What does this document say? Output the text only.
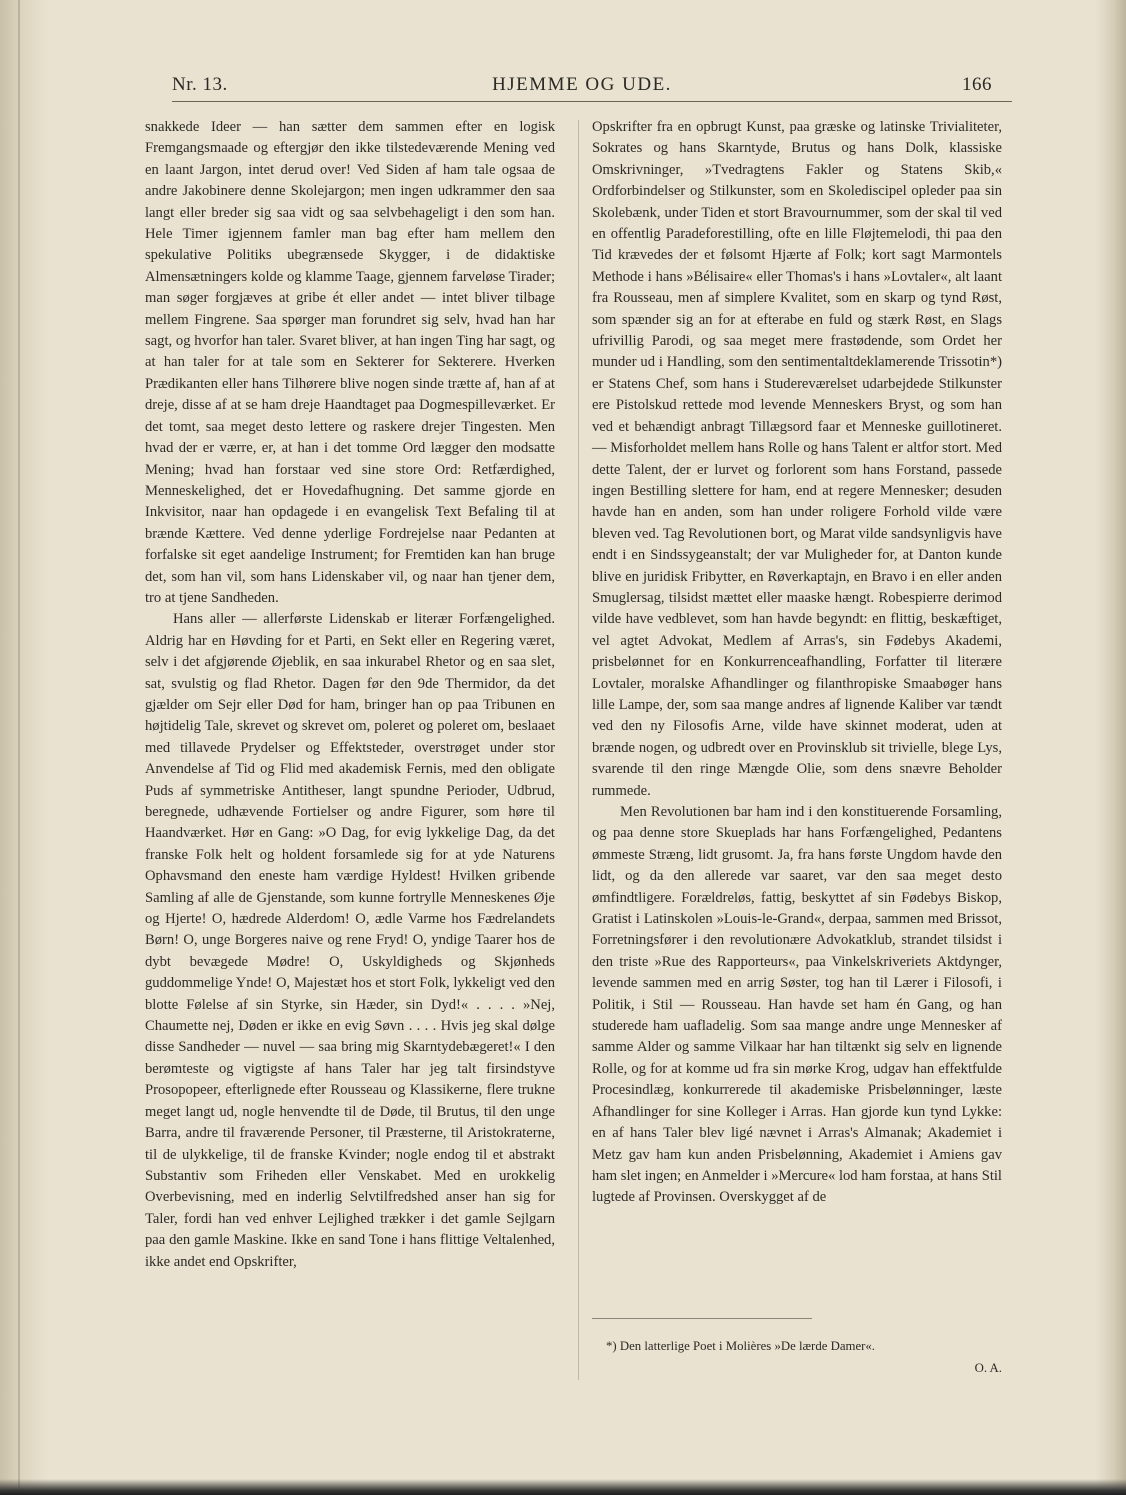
Nr. 13.	HJEMME OG UDE.	166

snakkede Ideer — han sætter dem sammen efter en logisk Fremgangsmaade og eftergjør den ikke tilstedeværende Mening ved en laant Jargon, intet derud over! Ved Siden af ham tale ogsaa de andre Jakobinere denne Skolejargon; men ingen udkrammer den saa langt eller breder sig saa vidt og saa selvbehageligt i den som han. Hele Timer igjennem famler man bag efter ham mellem den spekulative Politiks ubegrænsede Skygger, i de didaktiske Almensætningers kolde og klamme Taage, gjennem farveløse Tirader; man søger forgjæves at gribe ét eller andet — intet bliver tilbage mellem Fingrene. Saa spørger man forundret sig selv, hvad han har sagt, og hvorfor han taler. Svaret bliver, at han ingen Ting har sagt, og at han taler for at tale som en Sekterer for Sekterere. Hverken Prædikanten eller hans Tilhørere blive nogen sinde trætte af, han af at dreje, disse af at se ham dreje Haandtaget paa Dogmespilleværket. Er det tomt, saa meget desto lettere og raskere drejer Tingesten. Men hvad der er værre, er, at han i det tomme Ord lægger den modsatte Mening; hvad han forstaar ved sine store Ord: Retfærdighed, Menneskelighed, det er Hovedafhugning. Det samme gjorde en Inkvisitor, naar han opdagede i en evangelisk Text Befaling til at brænde Kættere. Ved denne yderlige Fordrejelse naar Pedanten at forfalske sit eget aandelige Instrument; for Fremtiden kan han bruge det, som han vil, som hans Lidenskaber vil, og naar han tjener dem, tro at tjene Sandheden.

Hans aller — allerførste Lidenskab er literær Forfængelighed. Aldrig har en Høvding for et Parti, en Sekt eller en Regering været, selv i det afgjørende Øjeblik, en saa inkurabel Rhetor og en saa slet, sat, svulstig og flad Rhetor. Dagen før den 9de Thermidor, da det gjælder om Sejr eller Død for ham, bringer han op paa Tribunen en højtidelig Tale, skrevet og skrevet om, poleret og poleret om, beslaaet med tillavede Prydelser og Effektsteder, overstrøget under stor Anvendelse af Tid og Flid med akademisk Fernis, med den obligate Puds af symmetriske Antitheser, langt spundne Perioder, Udbrud, beregnede, udhævende Fortielser og andre Figurer, som høre til Haandværket. Hør en Gang: »O Dag, for evig lykkelige Dag, da det franske Folk helt og holdent forsamlede sig for at yde Naturens Ophavsmand den eneste ham værdige Hyldest! Hvilken gribende Samling af alle de Gjenstande, som kunne fortrylle Menneskenes Øje og Hjerte! O, hædrede Alderdom! O, ædle Varme hos Fædrelandets Børn! O, unge Borgeres naive og rene Fryd! O, yndige Taarer hos de dybt bevægede Mødre! O, Uskyldigheds og Skjønheds guddommelige Ynde! O, Majestæt hos et stort Folk, lykkeligt ved den blotte Følelse af sin Styrke, sin Hæder, sin Dyd!« . . . . »Nej, Chaumette nej, Døden er ikke en evig Søvn . . . . Hvis jeg skal dølge disse Sandheder — nuvel — saa bring mig Skarntydebægeret!« I den berømteste og vigtigste af hans Taler har jeg talt firsindstyve Prosopopeer, efterlignede efter Rousseau og Klassikerne, flere trukne meget langt ud, nogle henvendte til de Døde, til Brutus, til den unge Barra, andre til fraværende Personer, til Præsterne, til Aristokraterne, til de ulykkelige, til de franske Kvinder; nogle endog til et abstrakt Substantiv som Friheden eller Venskabet. Med en urokkelig Overbevisning, med en inderlig Selvtilfredshed anser han sig for Taler, fordi han ved enhver Lejlighed trækker i det gamle Sejlgarn paa den gamle Maskine. Ikke en sand Tone i hans flittige Veltalenhed, ikke andet end Opskrifter,

Opskrifter fra en opbrugt Kunst, paa græske og latinske Trivialiteter, Sokrates og hans Skarntyde, Brutus og hans Dolk, klassiske Omskrivninger, »Tvedragtens Fakler og Statens Skib,« Ordforbindelser og Stilkunster, som en Skolediscipel opleder paa sin Skolebænk, under Tiden et stort Bravournummer, som der skal til ved en offentlig Paradeforestilling, ofte en lille Fløjtemelodi, thi paa den Tid krævedes der et følsomt Hjærte af Folk; kort sagt Marmontels Methode i hans »Bélisaire« eller Thomas's i hans »Lovtaler«, alt laant fra Rousseau, men af simplere Kvalitet, som en skarp og tynd Røst, som spænder sig an for at efterabe en fuld og stærk Røst, en Slags ufrivillig Parodi, og saa meget mere frastødende, som Ordet her munder ud i Handling, som den sentimentaltdeklamerende Trissotin*) er Statens Chef, som hans i Studereværelset udarbejdede Stilkunster ere Pistolskud rettede mod levende Menneskers Bryst, og som han ved et behændigt anbragt Tillægsord faar et Menneske guillotineret. — Misforholdet mellem hans Rolle og hans Talent er altfor stort. Med dette Talent, der er lurvet og forlorent som hans Forstand, passede ingen Bestilling slettere for ham, end at regere Mennesker; desuden havde han en anden, som han under roligere Forhold vilde være bleven ved. Tag Revolutionen bort, og Marat vilde sandsynligvis have endt i en Sindssygeanstalt; der var Muligheder for, at Danton kunde blive en juridisk Fribytter, en Røverkaptajn, en Bravo i en eller anden Smuglersag, tilsidst mættet eller maaske hængt. Robespierre derimod vilde have vedblevet, som han havde begyndt: en flittig, beskæftiget, vel agtet Advokat, Medlem af Arras's, sin Fødebys Akademi, prisbelønnet for en Konkurrenceafhandling, Forfatter til literære Lovtaler, moralske Afhandlinger og filanthropiske Smaabøger hans lille Lampe, der, som saa mange andres af lignende Kaliber var tændt ved den ny Filosofis Arne, vilde have skinnet moderat, uden at brænde nogen, og udbredt over en Provinsklub sit trivielle, blege Lys, svarende til den ringe Mængde Olie, som dens snævre Beholder rummede.

Men Revolutionen bar ham ind i den konstituerende Forsamling, og paa denne store Skueplads har hans Forfængelighed, Pedantens ømmeste Stræng, lidt grusomt. Ja, fra hans første Ungdom havde den lidt, og da den allerede var saaret, var den saa meget desto ømfindtligere. Forældreløs, fattig, beskyttet af sin Fødebys Biskop, Gratist i Latinskolen »Louis-le-Grand«, derpaa, sammen med Brissot, Forretningsfører i den revolutionære Advokatklub, strandet tilsidst i den triste »Rue des Rapporteurs«, paa Vinkelskriveriets Aktdynger, levende sammen med en arrig Søster, tog han til Lærer i Filosofi, i Politik, i Stil — Rousseau. Han havde set ham én Gang, og han studerede ham uafladelig. Som saa mange andre unge Mennesker af samme Alder og samme Vilkaar har han tiltænkt sig selv en lignende Rolle, og for at komme ud fra sin mørke Krog, udgav han effektfulde Procesindlæg, konkurrerede til akademiske Prisbelønninger, læste Afhandlinger for sine Kolleger i Arras. Han gjorde kun tynd Lykke: en af hans Taler blev ligé nævnet i Arras's Almanak; Akademiet i Metz gav ham kun anden Prisbelønning, Akademiet i Amiens gav ham slet ingen; en Anmelder i »Mercure« lod ham forstaa, at hans Stil lugtede af Provinsen. Overskygget af de

*) Den latterlige Poet i Molières »De lærde Damer«.
O. A.
